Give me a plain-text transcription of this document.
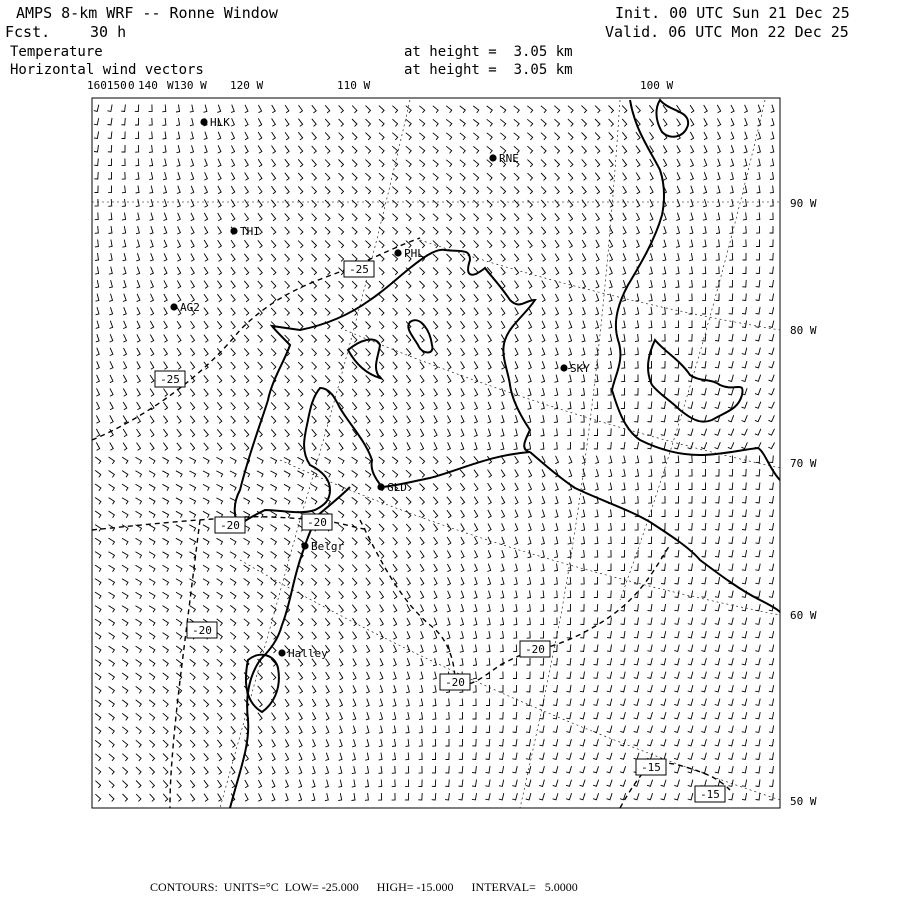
AMPS 8-km WRF -- Ronne Window
Fcst.	30 h
Temperature
Horizontal wind vectors
at height =  3.05 km
at height =  3.05 km
Init. 00 UTC Sun 21 Dec 25
Valid. 06 UTC Mon 22 Dec 25
-25
-25
-20	-20
-20
-20
-20
-15
-15
HLK
RNE
THI
PHL
AG2
SKY
GLD
Belgr
Halley
160150 0 140 W130 W 120 W	110 W	100 W
90 W
80 W
70 W
60 W
50 W
CONTOURS:  UNITS=°C  LOW= -25.000      HIGH= -15.000      INTERVAL=   5.0000
